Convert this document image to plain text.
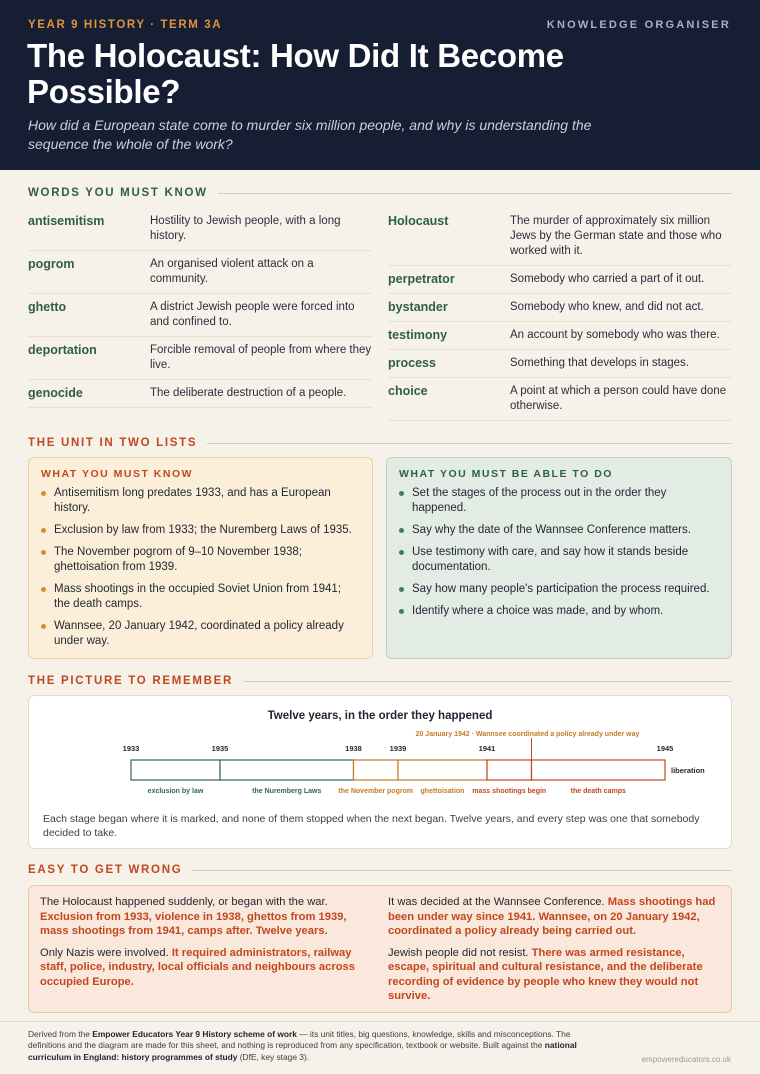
YEAR 9 HISTORY · TERM 3A	KNOWLEDGE ORGANISER
The Holocaust: How Did It Become Possible?
How did a European state come to murder six million people, and why is understanding the sequence the whole of the work?
WORDS YOU MUST KNOW
antisemitism	Hostility to Jewish people, with a long history.
pogrom	An organised violent attack on a community.
ghetto	A district Jewish people were forced into and confined to.
deportation	Forcible removal of people from where they live.
genocide	The deliberate destruction of a people.
Holocaust	The murder of approximately six million Jews by the German state and those who worked with it.
perpetrator	Somebody who carried a part of it out.
bystander	Somebody who knew, and did not act.
testimony	An account by somebody who was there.
process	Something that develops in stages.
choice	A point at which a person could have done otherwise.
THE UNIT IN TWO LISTS
WHAT YOU MUST KNOW
Antisemitism long predates 1933, and has a European history.
Exclusion by law from 1933; the Nuremberg Laws of 1935.
The November pogrom of 9–10 November 1938; ghettoisation from 1939.
Mass shootings in the occupied Soviet Union from 1941; the death camps.
Wannsee, 20 January 1942, coordinated a policy already under way.
WHAT YOU MUST BE ABLE TO DO
Set the stages of the process out in the order they happened.
Say why the date of the Wannsee Conference matters.
Use testimony with care, and say how it stands beside documentation.
Say how many people's participation the process required.
Identify where a choice was made, and by whom.
THE PICTURE TO REMEMBER
Twelve years, in the order they happened
exclusion by law	the Nuremberg Laws the November pogrom ghettoisation mass shootings begin	the death camps
1933	1935	1938	1939	1941	1945
20 January 1942 · Wannsee coordinated a policy already under way
liberation
Each stage began where it is marked, and none of them stopped when the next began. Twelve years, and every step was one that somebody decided to take.
EASY TO GET WRONG

The Holocaust happened suddenly, or began with the war. Exclusion from 1933, violence in 1938, ghettos from 1939, mass shootings from 1941, camps after. Twelve years.

Only Nazis were involved. It required administrators, railway staff, police, industry, local officials and neighbours across occupied Europe.

It was decided at the Wannsee Conference. Mass shootings had been under way since 1941. Wannsee, on 20 January 1942, coordinated a policy already being carried out.

Jewish people did not resist. There was armed resistance, escape, spiritual and cultural resistance, and the deliberate recording of evidence by people who knew they would not survive.

Derived from the Empower Educators Year 9 History scheme of work — its unit titles, big questions, knowledge, skills and misconceptions. The definitions and the diagram are made for this sheet, and nothing is reproduced from any specification, textbook or website. Built against the national curriculum in England: history programmes of study (DfE, key stage 3).	empowereducators.co.uk
